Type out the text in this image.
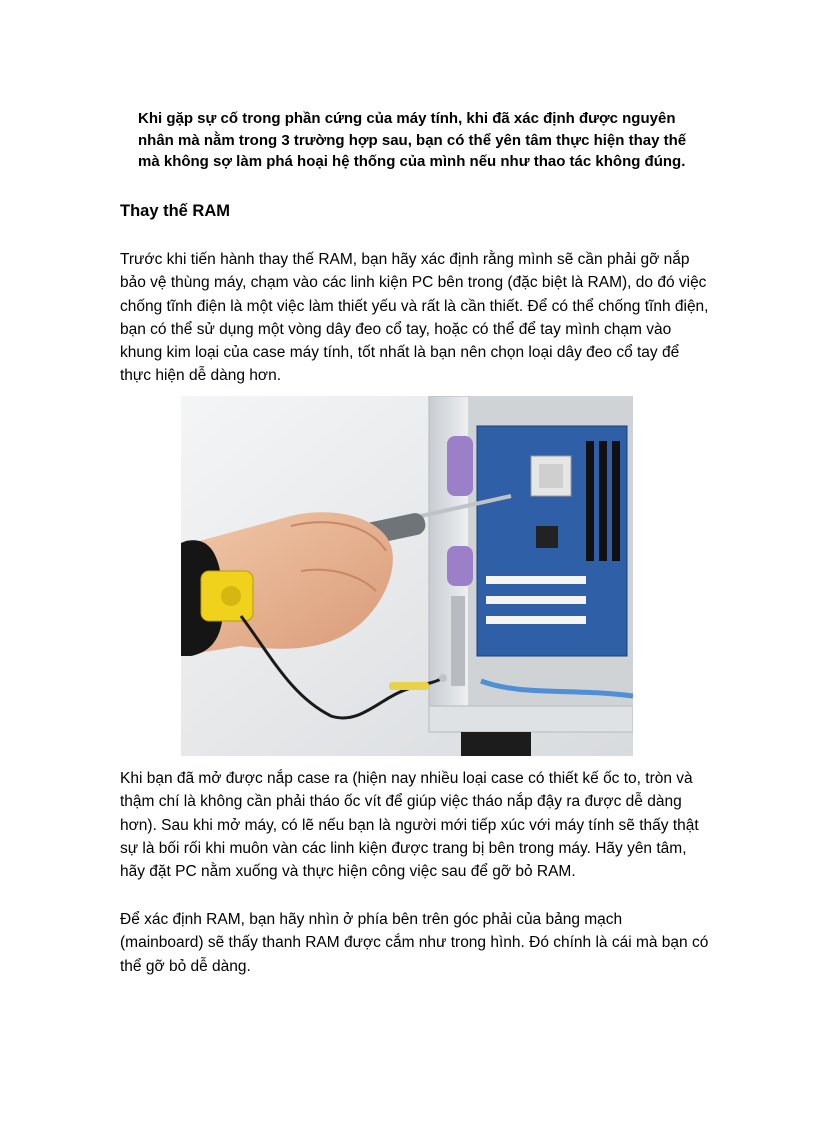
Khi gặp sự cố trong phần cứng của máy tính, khi đã xác định được nguyên nhân mà nằm trong 3 trường hợp sau, bạn có thể yên tâm thực hiện thay thế mà không sợ làm phá hoại hệ thống của mình nếu như thao tác không đúng.

Thay thế RAM

Trước khi tiến hành thay thế RAM, bạn hãy xác định rằng mình sẽ cần phải gỡ nắp bảo vệ thùng máy, chạm vào các linh kiện PC bên trong (đặc biệt là RAM), do đó việc chống tĩnh điện là một việc làm thiết yếu và rất là cần thiết. Để có thể chống tĩnh điện, bạn có thể sử dụng một vòng dây đeo cổ tay, hoặc có thể để tay mình chạm vào khung kim loại của case máy tính, tốt nhất là bạn nên chọn loại dây đeo cổ tay để thực hiện dễ dàng hơn.

Khi bạn đã mở được nắp case ra (hiện nay nhiều loại case có thiết kế ốc to, tròn và thậm chí là không cần phải tháo ốc vít để giúp việc tháo nắp đậy ra được dễ dàng hơn). Sau khi mở máy, có lẽ nếu bạn là người mới tiếp xúc với máy tính sẽ thấy thật sự là bối rối khi muôn vàn các linh kiện được trang bị bên trong máy. Hãy yên tâm, hãy đặt PC nằm xuống và thực hiện công việc sau để gỡ bỏ RAM.

Để xác định RAM, bạn hãy nhìn ở phía bên trên góc phải của bảng mạch (mainboard) sẽ thấy thanh RAM được cắm như trong hình. Đó chính là cái mà bạn có thể gỡ bỏ dễ dàng.
